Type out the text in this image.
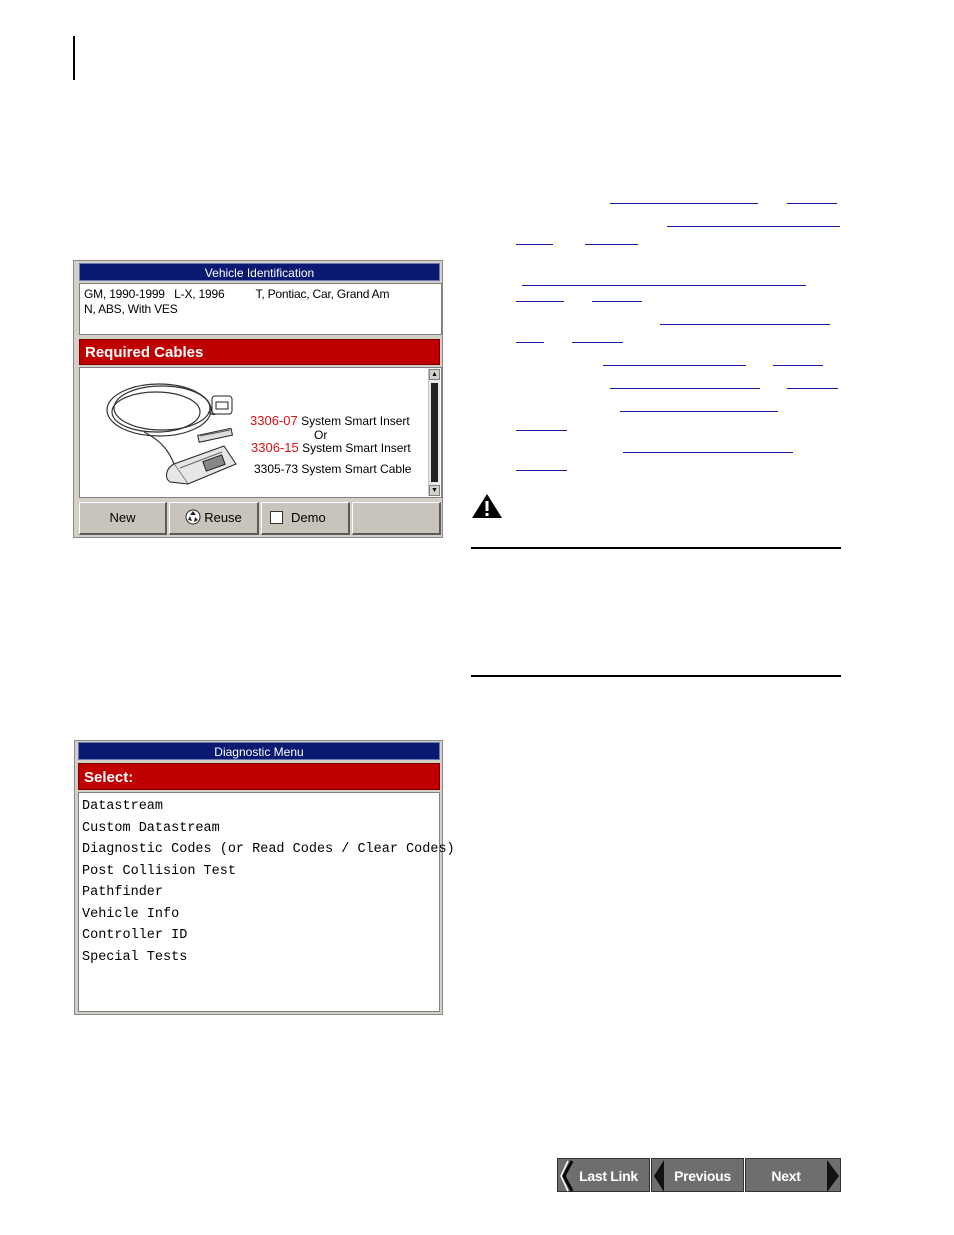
Vehicle Identification
GM, 1990-1999   L-X, 1996          T, Pontiac, Car, Grand Am
N, ABS, With VES
Required Cables
3306-07 System Smart Insert
Or
3306-15 System Smart Insert
3305-73 System Smart Cable
▲
▼
New	Reuse	Demo
Diagnostic Menu
Select:
Datastream
Custom Datastream
Diagnostic Codes (or Read Codes / Clear Codes)
Post Collision Test
Pathfinder
Vehicle Info
Controller ID
Special Tests
Last Link	Previous	Next
